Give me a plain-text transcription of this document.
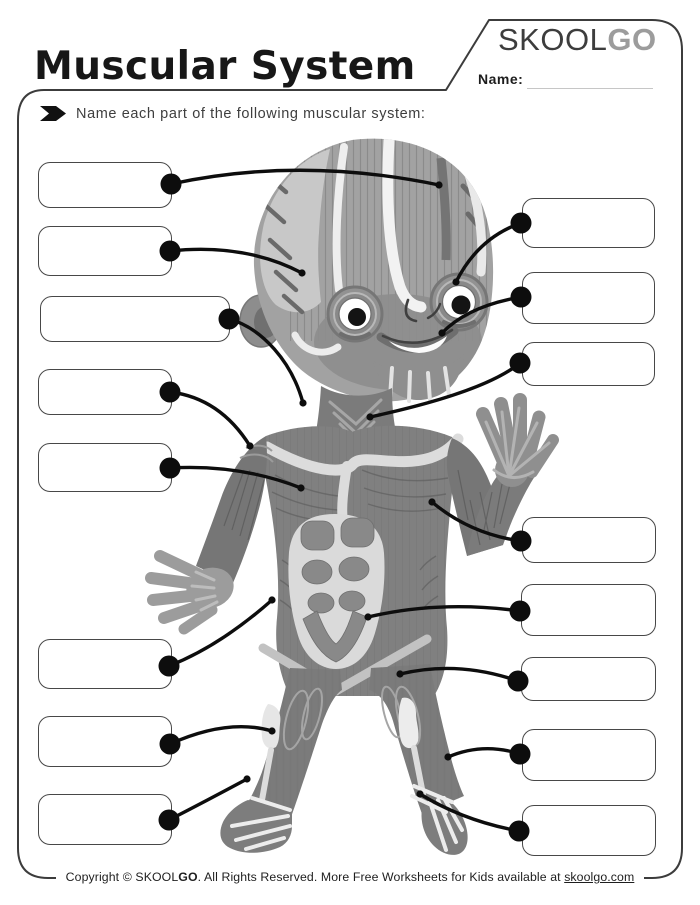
Muscular System
SKOOLGO
Name:
Name each part of the following muscular system:
Copyright © SKOOLGO. All Rights Reserved. More Free Worksheets for Kids available at skoolgo.com
